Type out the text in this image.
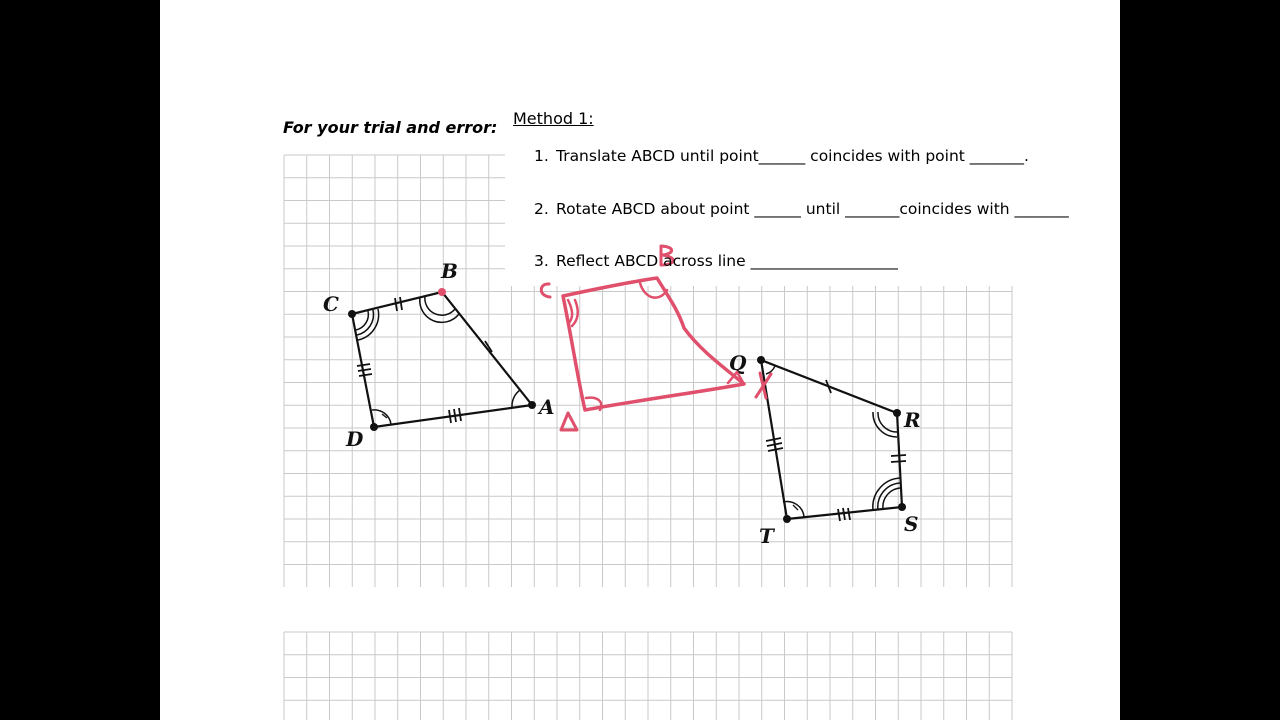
A
B
C
D
Q
R
S
T
For your trial and error: Method 1:
1. Translate ABCD until point______ coincides with point _______.
2. Rotate ABCD about point ______ until _______coincides with _______
3. Reflect ABCD across line ___________________
